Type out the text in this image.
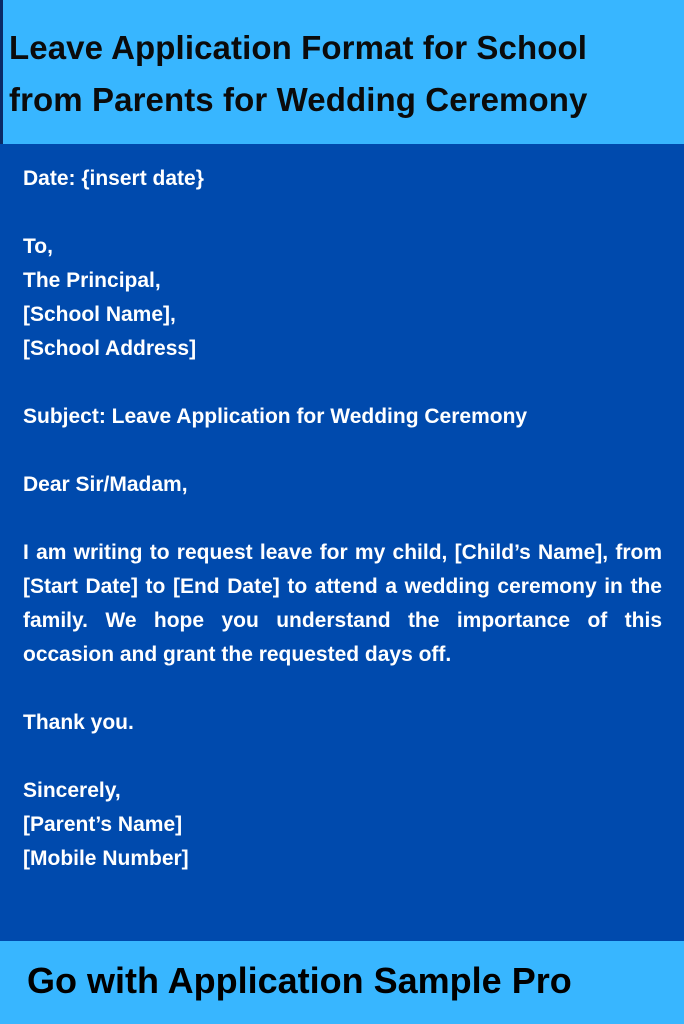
Leave Application Format for School
from Parents for Wedding Ceremony
Date: {insert date}
To,
The Principal,
[School Name],
[School Address]
Subject: Leave Application for Wedding Ceremony
Dear Sir/Madam,

I am writing to request leave for my child, [Child’s Name], from [Start Date] to [End Date] to attend a wedding ceremony in the family. We hope you understand the importance of this occasion and grant the requested days off.

Thank you.
Sincerely,
[Parent’s Name]
[Mobile Number]

Go with Application Sample Pro
